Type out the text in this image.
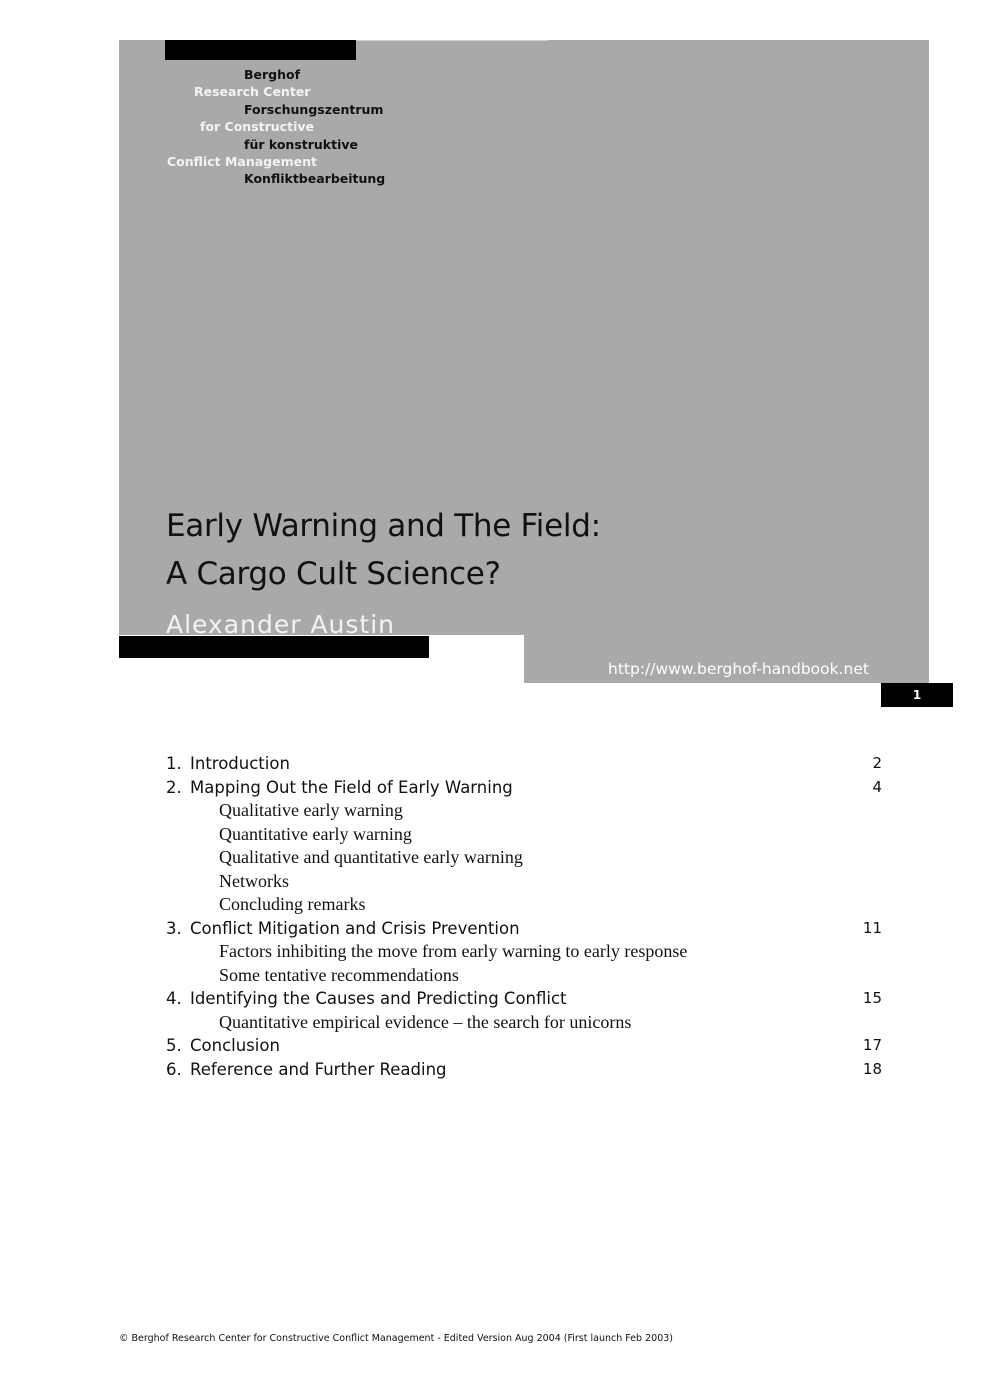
Berghof
Research Center
Forschungszentrum
for Constructive
für konstruktive
Conflict Management
Konfliktbearbeitung
Early Warning and The Field:
A Cargo Cult Science?
Alexander Austin
http://www.berghof-handbook.net
1
1. Introduction	2
2. Mapping Out the Field of Early Warning	4
Qualitative early warning
Quantitative early warning
Qualitative and quantitative early warning
Networks
Concluding remarks
3. Conflict Mitigation and Crisis Prevention	11
Factors inhibiting the move from early warning to early response
Some tentative recommendations
4. Identifying the Causes and Predicting Conflict	15
Quantitative empirical evidence – the search for unicorns
5. Conclusion	17
6. Reference and Further Reading	18
© Berghof Research Center for Constructive Conflict Management - Edited Version Aug 2004 (First launch Feb 2003)
